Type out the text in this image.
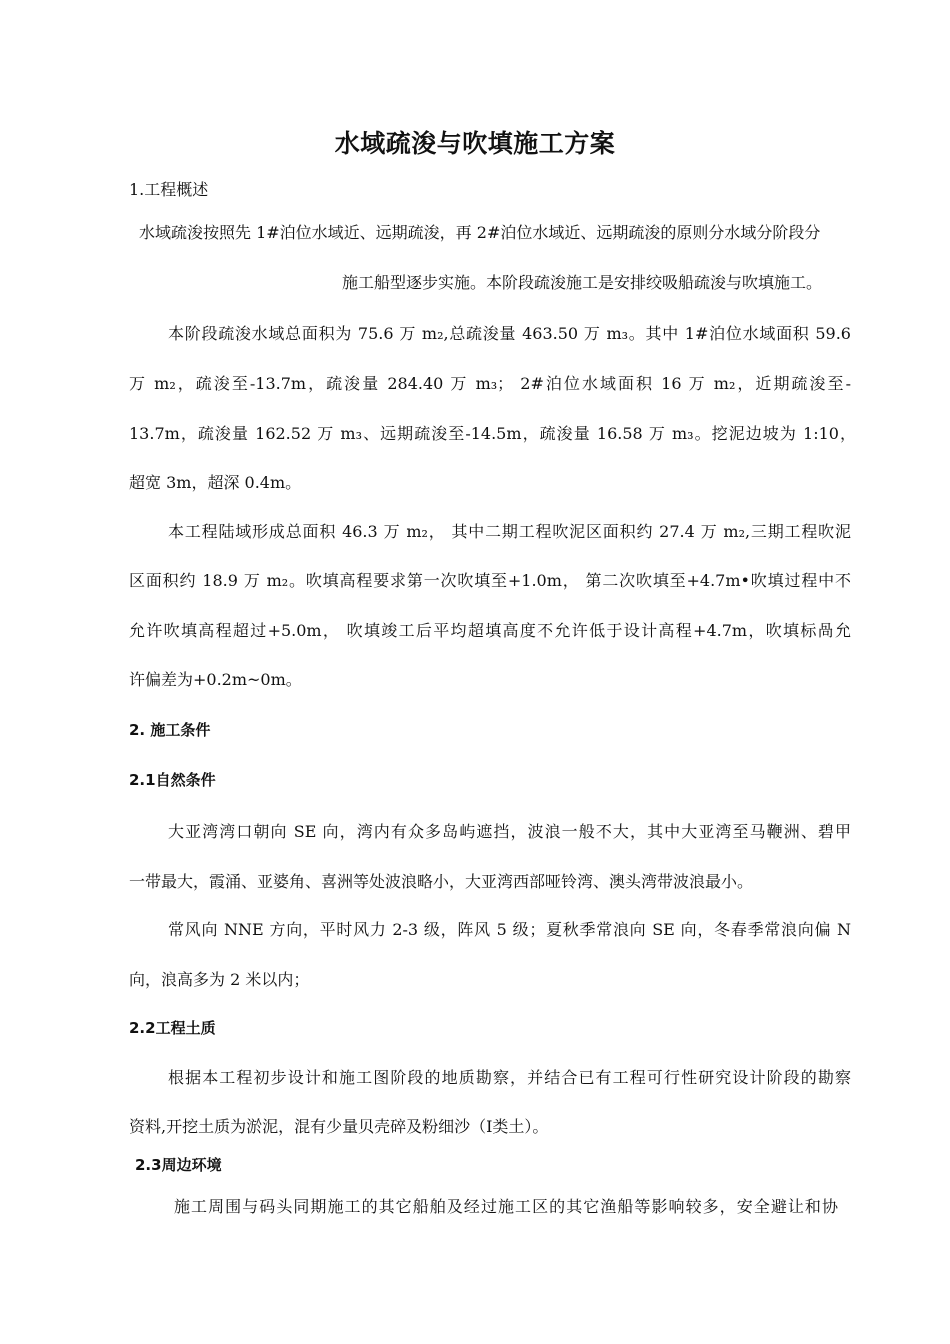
水域疏浚与吹填施工方案
1.工程概述
水域疏浚按照先 1#泊位水域近、远期疏浚，再 2#泊位水域近、远期疏浚的原则分水域分阶段分
施工船型逐步实施。本阶段疏浚施工是安排绞吸船疏浚与吹填施工。
本阶段疏浚水域总面积为 75.6 万 m₂,总疏浚量 463.50 万 m₃。其中 1#泊位水域面积 59.6
万 m₂，疏浚至-13.7m，疏浚量 284.40 万 m₃； 2#泊位水域面积 16 万 m₂，近期疏浚至-
13.7m，疏浚量 162.52 万 m₃、远期疏浚至-14.5m，疏浚量 16.58 万 m₃。挖泥边坡为 1:10，
超宽 3m，超深 0.4m。
本工程陆域形成总面积 46.3 万 m₂， 其中二期工程吹泥区面积约 27.4 万 m₂,三期工程吹泥
区面积约 18.9 万 m₂。吹填高程要求第一次吹填至+1.0m， 第二次吹填至+4.7m•吹填过程中不
允许吹填高程超过+5.0m， 吹填竣工后平均超填高度不允许低于设计高程+4.7m，吹填标咼允
许偏差为+0.2m~0m。
2. 施工条件
2.1自然条件
大亚湾湾口朝向 SE 向，湾内有众多岛屿遮挡，波浪一般不大，其中大亚湾至马鞭洲、碧甲
一带最大，霞涌、亚婆角、喜洲等处波浪略小，大亚湾西部哑铃湾、澳头湾带波浪最小。
常风向 NNE 方向，平时风力 2-3 级，阵风 5 级；夏秋季常浪向 SE 向，冬春季常浪向偏 N
向，浪高多为 2 米以内；
2.2工程土质
根据本工程初步设计和施工图阶段的地质勘察，并结合已有工程可行性研究设计阶段的勘察
资料,开挖土质为淤泥，混有少量贝壳碎及粉细沙（Ⅰ类土）。
2.3周边环境
施工周围与码头同期施工的其它船舶及经过施工区的其它渔船等影响较多，安全避让和协
